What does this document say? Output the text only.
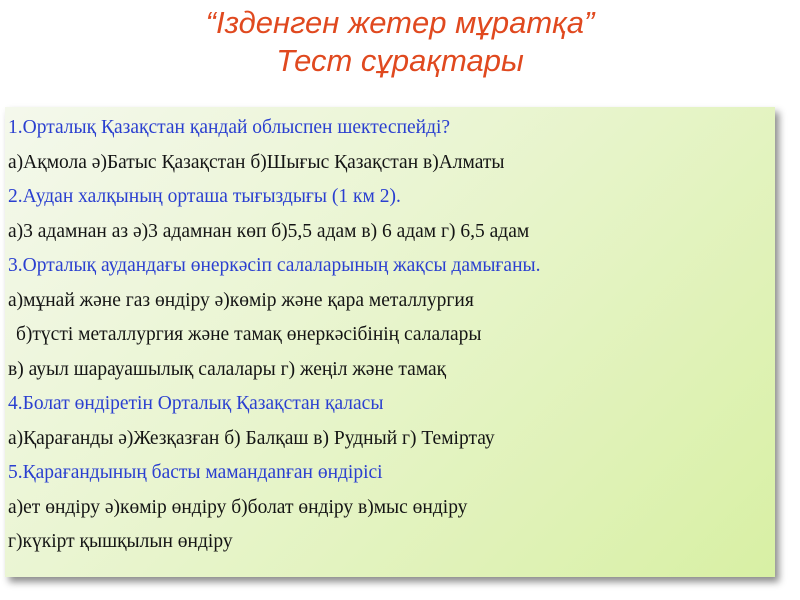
“Ізденген жетер мұратқа”
Тест сұрақтары
1.Орталық Қазақстан қандай облыспен шектеспейді?
а)Ақмола ә)Батыс Қазақстан б)Шығыс Қазақстан в)Алматы
2.Аудан халқының орташа тығыздығы (1 км 2).
а)3 адамнан аз ә)3 адамнан көп б)5,5 адам в) 6 адам г) 6,5 адам
3.Орталық аудандағы өнеркәсіп салаларының жақсы дамығаны.
а)мұнай және газ өндіру ә)көмір және қара металлургия
б)түсті металлургия және тамақ өнеркәсібінің салалары
в) ауыл шарауашылық салалары г) жеңіл және тамақ
4.Болат өндіретін Орталық Қазақстан қаласы
а)Қарағанды ә)Жезқазған б) Балқаш в) Рудный г) Теміртау
5.Қарағандының басты мамандanған өндірісі
а)ет өндіру ә)көмір өндіру б)болат өндіру в)мыс өндіру
г)күкірт қышқылын өндіру
